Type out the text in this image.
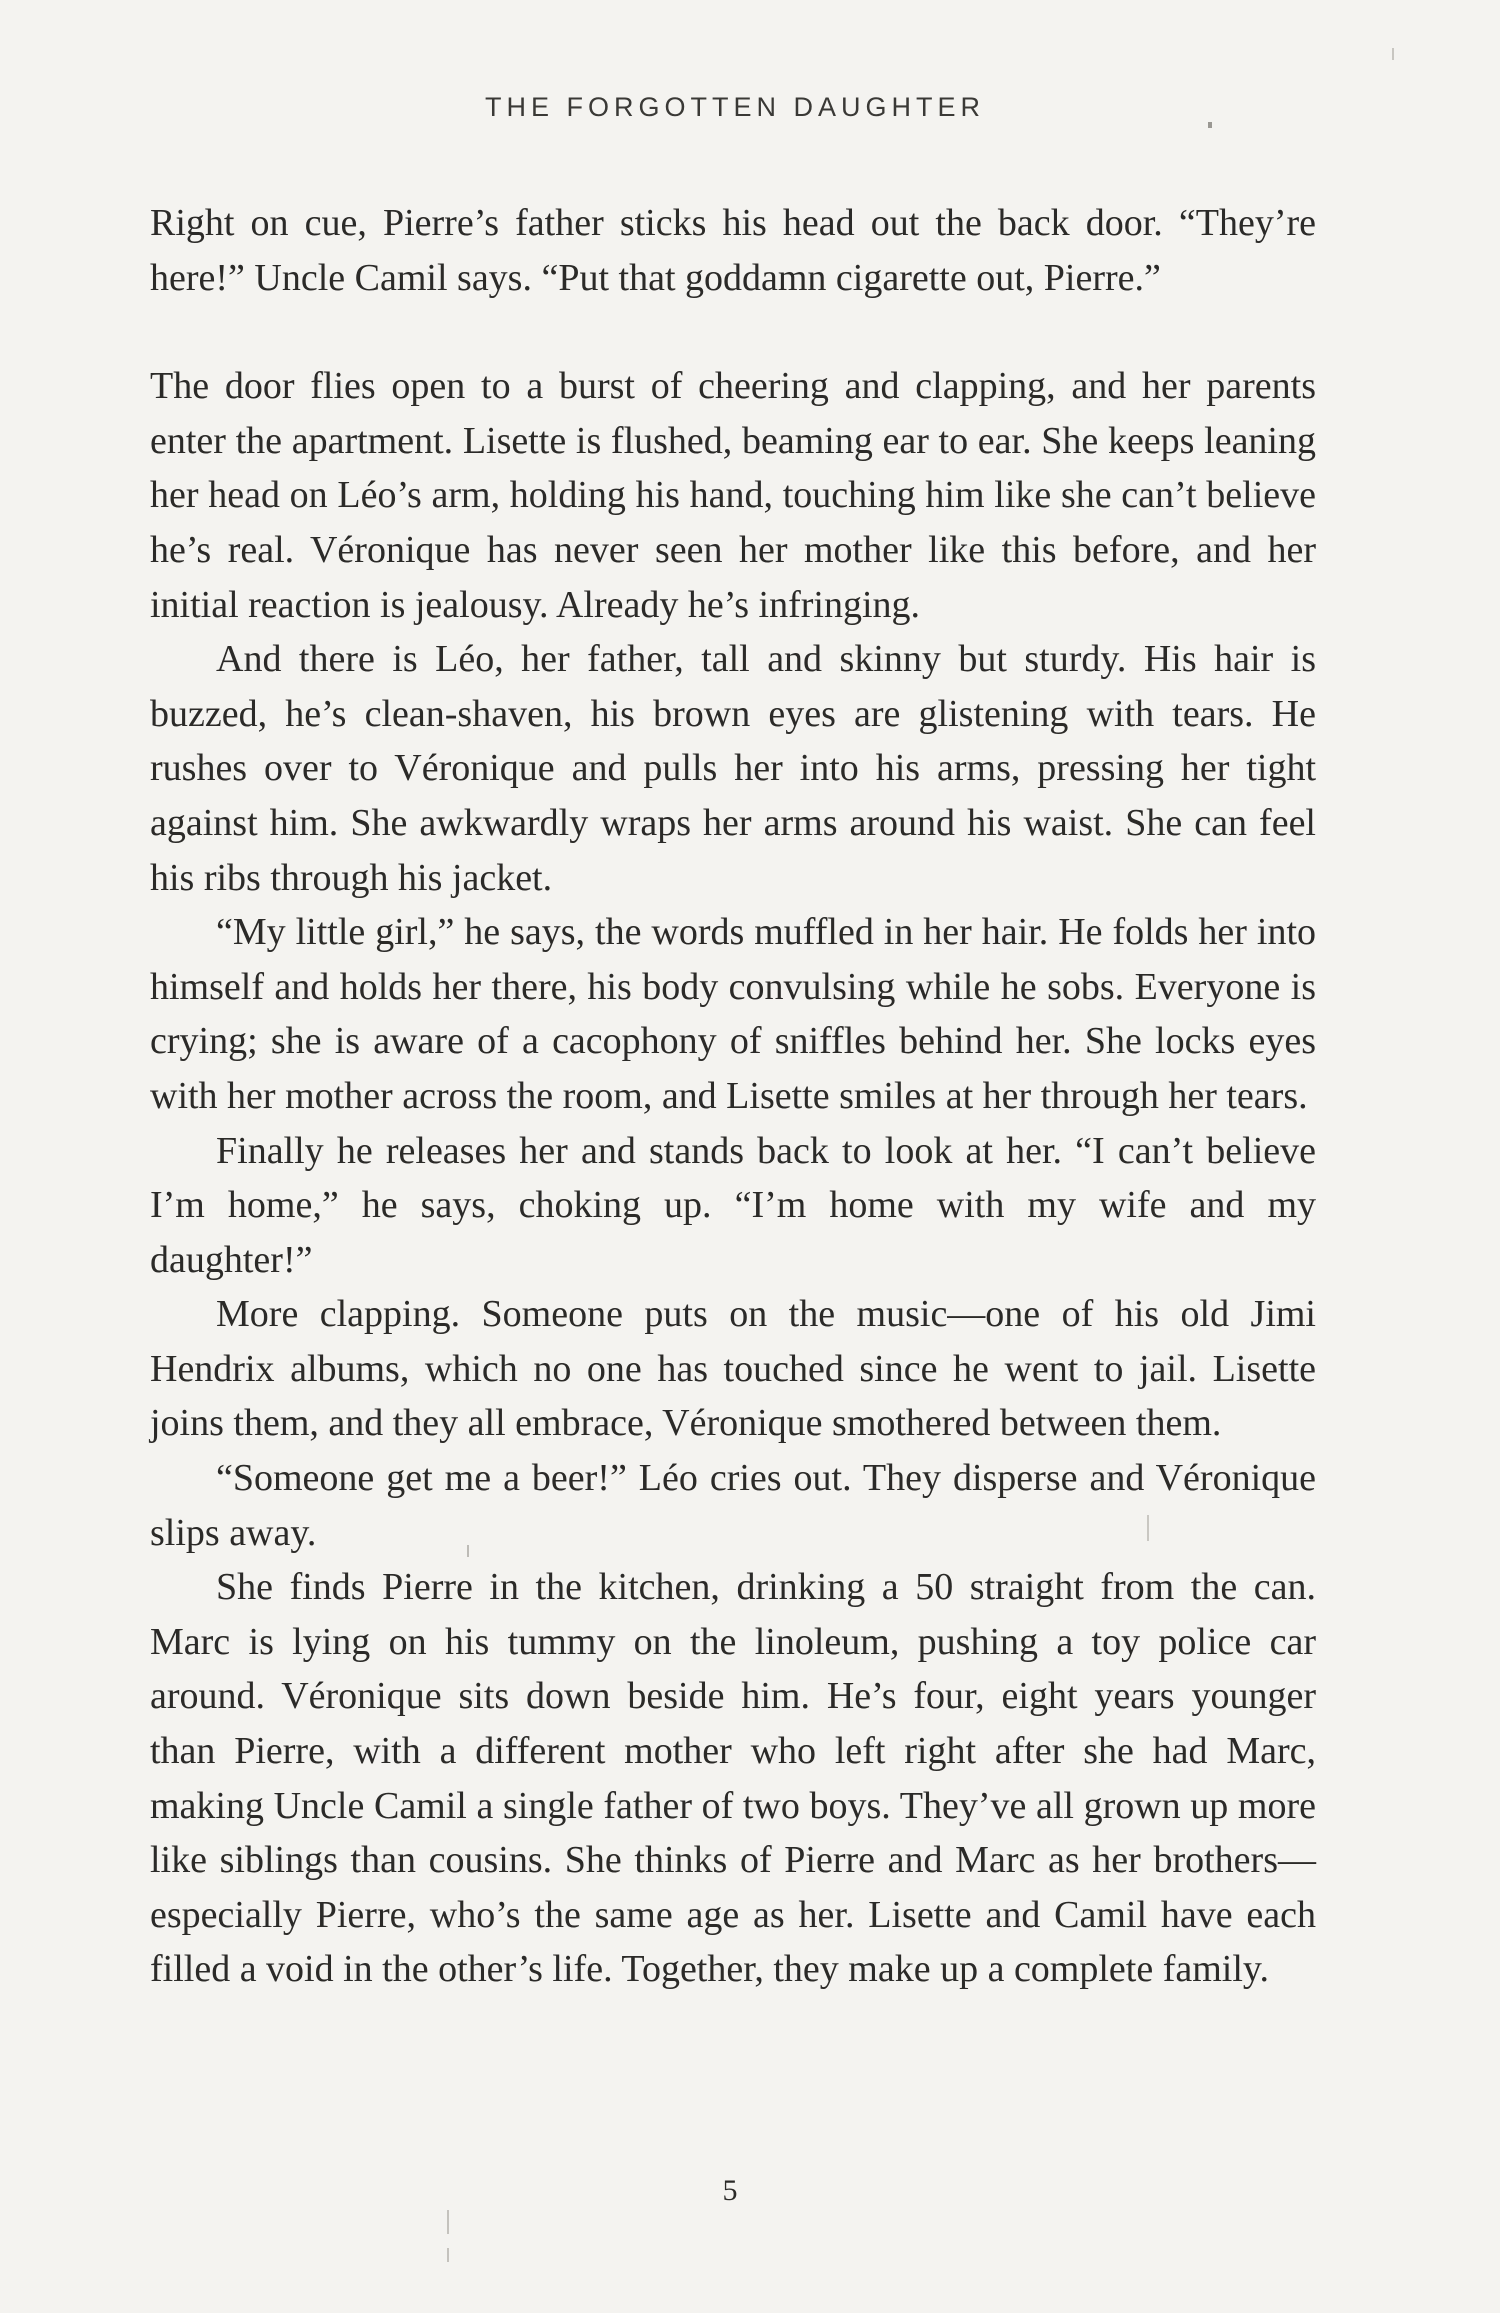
THE FORGOTTEN DAUGHTER

Right on cue, Pierre’s father sticks his head out the back door. “They’re here!” Uncle Camil says. “Put that goddamn cigarette out, Pierre.”

The door flies open to a burst of cheering and clapping, and her parents enter the apartment. Lisette is flushed, beaming ear to ear. She keeps leaning her head on Léo’s arm, holding his hand, touching him like she can’t believe he’s real. Véronique has never seen her mother like this before, and her initial reaction is jealousy. Already he’s infringing.

And there is Léo, her father, tall and skinny but sturdy. His hair is buzzed, he’s clean-shaven, his brown eyes are glistening with tears. He rushes over to Véronique and pulls her into his arms, pressing her tight against him. She awkwardly wraps her arms around his waist. She can feel his ribs through his jacket.

“My little girl,” he says, the words muffled in her hair. He folds her into himself and holds her there, his body convulsing while he sobs. Everyone is crying; she is aware of a cacophony of sniffles behind her. She locks eyes with her mother across the room, and Lisette smiles at her through her tears.

Finally he releases her and stands back to look at her. “I can’t believe I’m home,” he says, choking up. “I’m home with my wife and my daughter!”

More clapping. Someone puts on the music—one of his old Jimi Hendrix albums, which no one has touched since he went to jail. Lisette joins them, and they all embrace, Véronique smothered between them.

“Someone get me a beer!” Léo cries out. They disperse and Véronique slips away.

She finds Pierre in the kitchen, drinking a 50 straight from the can. Marc is lying on his tummy on the linoleum, pushing a toy police car around. Véronique sits down beside him. He’s four, eight years younger than Pierre, with a different mother who left right after she had Marc, making Uncle Camil a single father of two boys. They’ve all grown up more like siblings than cousins. She thinks of Pierre and Marc as her brothers—especially Pierre, who’s the same age as her. Lisette and Camil have each filled a void in the other’s life. Together, they make up a complete family.

5
